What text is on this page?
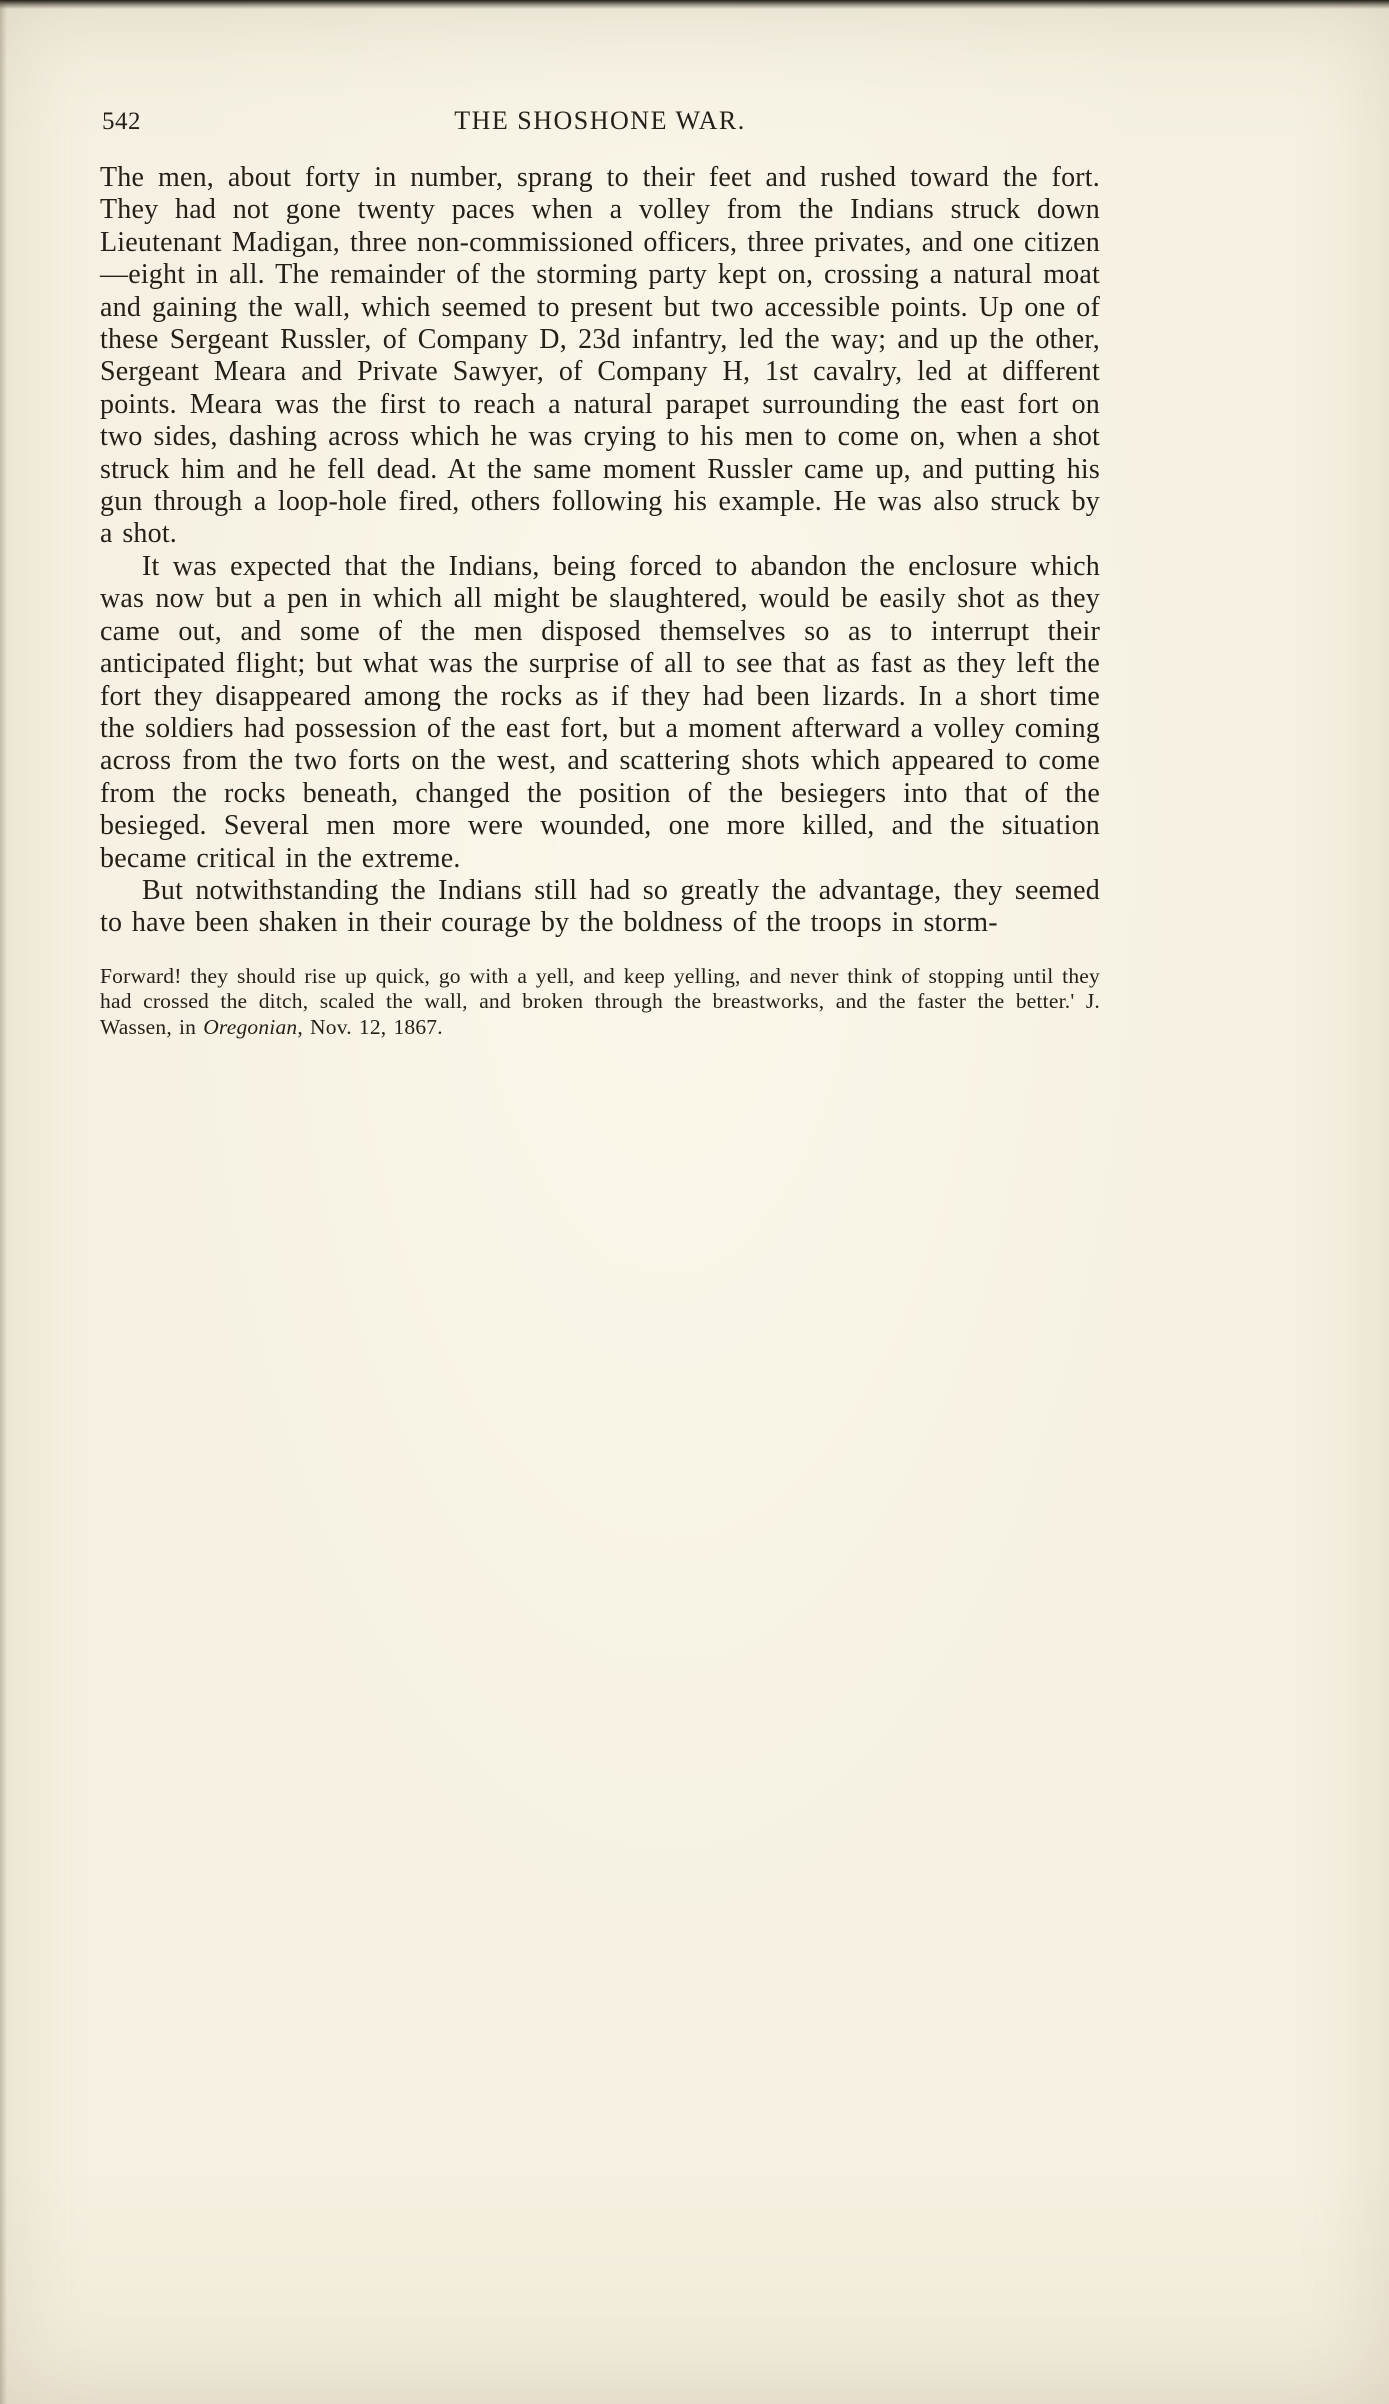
542	THE SHOSHONE WAR.

The men, about forty in number, sprang to their feet and rushed toward the fort. They had not gone twenty paces when a volley from the Indians struck down Lieutenant Madigan, three non-commissioned officers, three privates, and one citizen—eight in all. The remainder of the storming party kept on, crossing a natural moat and gaining the wall, which seemed to present but two accessible points. Up one of these Sergeant Russler, of Company D, 23d infantry, led the way; and up the other, Sergeant Meara and Private Sawyer, of Company H, 1st cavalry, led at different points. Meara was the first to reach a natural parapet surrounding the east fort on two sides, dashing across which he was crying to his men to come on, when a shot struck him and he fell dead. At the same moment Russler came up, and putting his gun through a loop-hole fired, others following his example. He was also struck by a shot.

It was expected that the Indians, being forced to abandon the enclosure which was now but a pen in which all might be slaughtered, would be easily shot as they came out, and some of the men disposed themselves so as to interrupt their anticipated flight; but what was the surprise of all to see that as fast as they left the fort they disappeared among the rocks as if they had been lizards. In a short time the soldiers had possession of the east fort, but a moment afterward a volley coming across from the two forts on the west, and scattering shots which appeared to come from the rocks beneath, changed the position of the besiegers into that of the besieged. Several men more were wounded, one more killed, and the situation became critical in the extreme.

But notwithstanding the Indians still had so greatly the advantage, they seemed to have been shaken in their courage by the boldness of the troops in storm-

Forward! they should rise up quick, go with a yell, and keep yelling, and never think of stopping until they had crossed the ditch, scaled the wall, and broken through the breastworks, and the faster the better.' J. Wassen, in Oregonian, Nov. 12, 1867.
